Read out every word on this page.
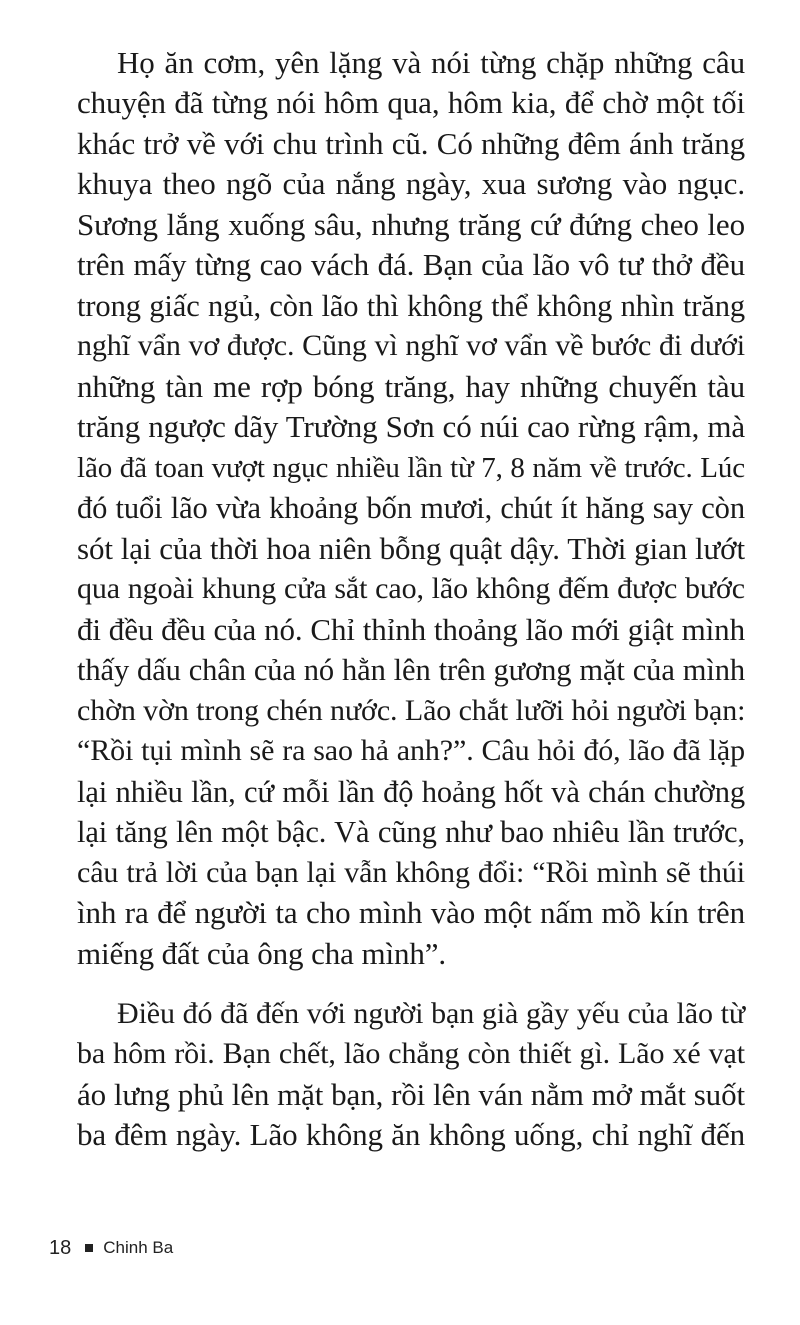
Họ ăn cơm, yên lặng và nói từng chặp những câu

chuyện đã từng nói hôm qua, hôm kia, để chờ một tối

khác trở về với chu trình cũ. Có những đêm ánh trăng

khuya theo ngõ của nắng ngày, xua sương vào ngục.

Sương lắng xuống sâu, nhưng trăng cứ đứng cheo leo

trên mấy từng cao vách đá. Bạn của lão vô tư thở đều

trong giấc ngủ, còn lão thì không thể không nhìn trăng

nghĩ vẩn vơ được. Cũng vì nghĩ vơ vẩn về bước đi dưới

những tàn me rợp bóng trăng, hay những chuyến tàu

trăng ngược dãy Trường Sơn có núi cao rừng rậm, mà

lão đã toan vượt ngục nhiều lần từ 7, 8 năm về trước. Lúc

đó tuổi lão vừa khoảng bốn mươi, chút ít hăng say còn

sót lại của thời hoa niên bỗng quật dậy. Thời gian lướt

qua ngoài khung cửa sắt cao, lão không đếm được bước

đi đều đều của nó. Chỉ thỉnh thoảng lão mới giật mình

thấy dấu chân của nó hằn lên trên gương mặt của mình

chờn vờn trong chén nước. Lão chắt lưỡi hỏi người bạn:

“Rồi tụi mình sẽ ra sao hả anh?”. Câu hỏi đó, lão đã lặp

lại nhiều lần, cứ mỗi lần độ hoảng hốt và chán chường

lại tăng lên một bậc. Và cũng như bao nhiêu lần trước,

câu trả lời của bạn lại vẫn không đổi: “Rồi mình sẽ thúi

ình ra để người ta cho mình vào một nấm mồ kín trên

miếng đất của ông cha mình”.

Điều đó đã đến với người bạn già gầy yếu của lão từ

ba hôm rồi. Bạn chết, lão chẳng còn thiết gì. Lão xé vạt

áo lưng phủ lên mặt bạn, rồi lên ván nằm mở mắt suốt

ba đêm ngày. Lão không ăn không uống, chỉ nghĩ đến

18 Chinh Ba
